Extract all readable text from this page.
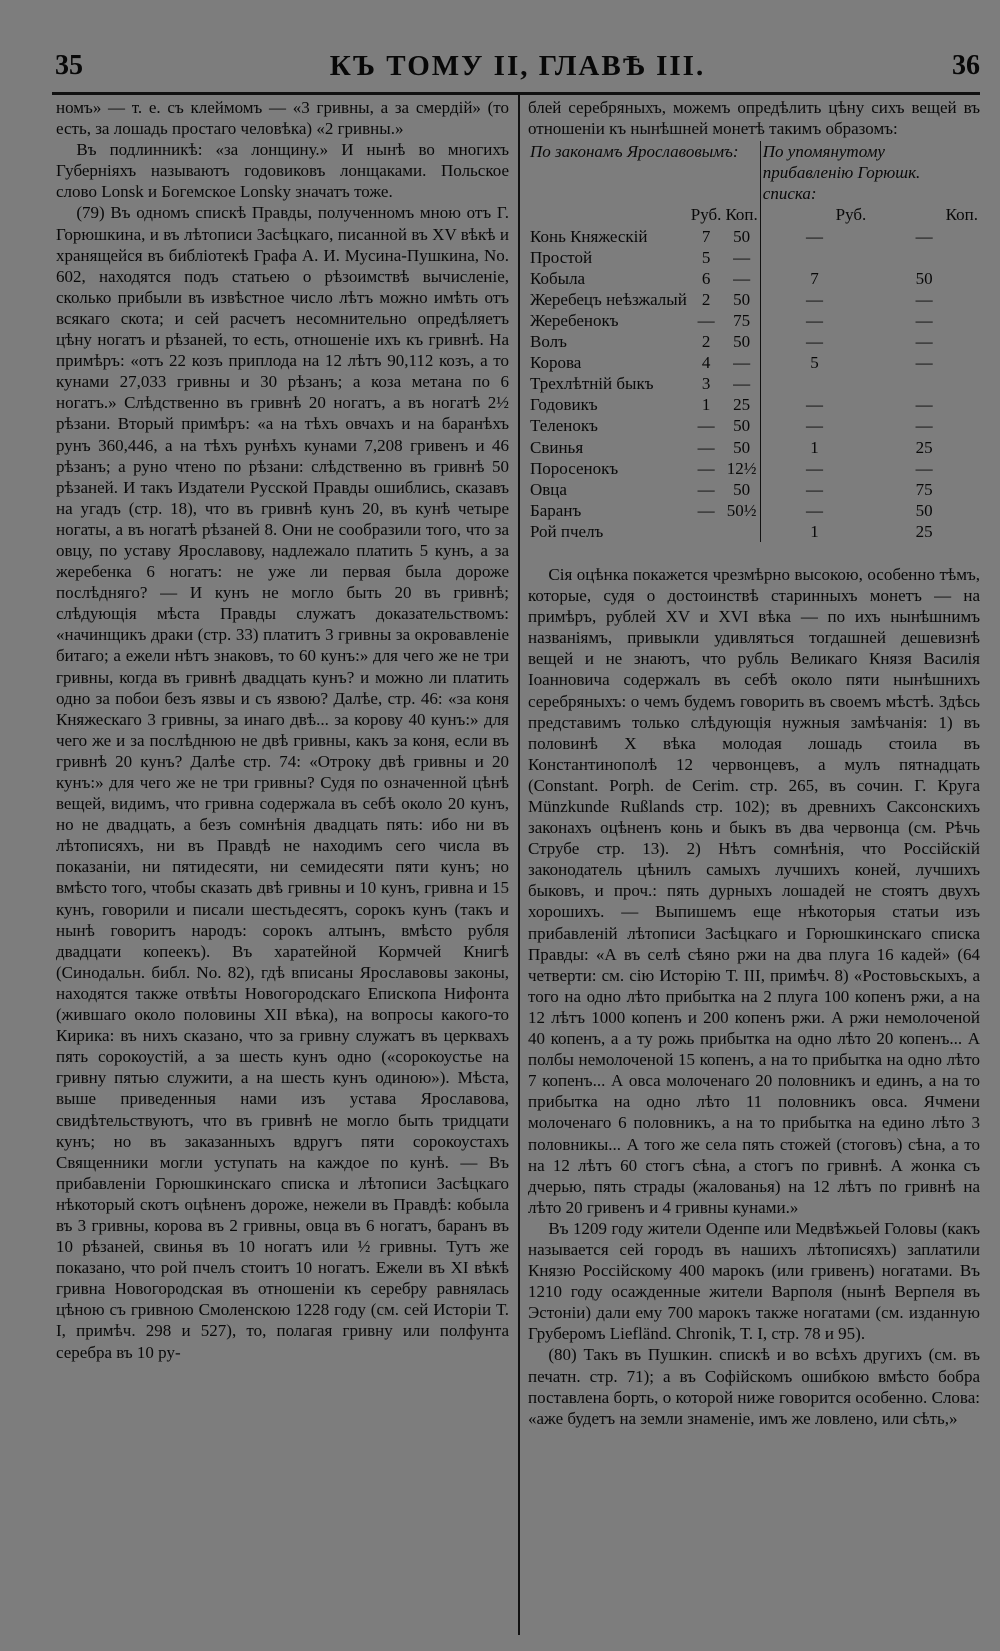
35	КЪ ТОМУ II, ГЛАВѢ III.	36

номъ» — т. е. съ клеймомъ — «3 гривны, а за смердій» (то есть, за лошадь простаго человѣка) «2 гривны.»

Въ подлинникѣ: «за лонщину.» И нынѣ во многихъ Губерніяхъ называютъ годовиковъ лонщаками. Польское слово Lonsk и Богемское Lonsky значатъ тоже.

(79) Въ одномъ спискѣ Правды, полученномъ мною отъ Г. Горюшкина, и въ лѣтописи Засѣцкаго, писанной въ XV вѣкѣ и хранящейся въ библіотекѣ Графа А. И. Мусина-Пушкина, No. 602, находятся подъ статьею о рѣзоимствѣ вычисленіе, сколько прибыли въ извѣстное число лѣтъ можно имѣть отъ всякаго скота; и сей расчетъ несомнительно опредѣляетъ цѣну ногатъ и рѣзаней, то есть, отношеніе ихъ къ гривнѣ. На примѣръ: «отъ 22 козъ приплода на 12 лѣтъ 90,112 козъ, а то кунами 27,033 гривны и 30 рѣзанъ; а коза метана по 6 ногатъ.» Слѣдственно въ гривнѣ 20 ногатъ, а въ ногатѣ 2½ рѣзани. Вторый примѣръ: «а на тѣхъ овчахъ и на баранѣхъ рунъ 360,446, а на тѣхъ рунѣхъ кунами 7,208 гривенъ и 46 рѣзанъ; а руно чтено по рѣзани: слѣдственно въ гривнѣ 50 рѣзаней. И такъ Издатели Русской Правды ошиблись, сказавъ на угадъ (стр. 18), что въ гривнѣ кунъ 20, въ кунѣ четыре ногаты, а въ ногатѣ рѣзаней 8. Они не сообразили того, что за овцу, по уставу Ярославову, надлежало платить 5 кунъ, а за жеребенка 6 ногатъ: не уже ли первая была дороже послѣдняго? — И кунъ не могло быть 20 въ гривнѣ; слѣдующія мѣста Правды служатъ доказательствомъ: «начинщикъ драки (стр. 33) платитъ 3 гривны за окровавленіе битаго; а ежели нѣтъ знаковъ, то 60 кунъ:» для чего же не три гривны, когда въ гривнѣ двадцать кунъ? и можно ли платить одно за побои безъ язвы и съ язвою? Далѣе, стр. 46: «за коня Княжескаго 3 гривны, за инаго двѣ... за корову 40 кунъ:» для чего же и за послѣднюю не двѣ гривны, какъ за коня, если въ гривнѣ 20 кунъ? Далѣе стр. 74: «Отроку двѣ гривны и 20 кунъ:» для чего же не три гривны? Судя по означенной цѣнѣ вещей, видимъ, что гривна содержала въ себѣ около 20 кунъ, но не двадцать, а безъ сомнѣнія двадцать пять: ибо ни въ лѣтописяхъ, ни въ Правдѣ не находимъ сего числа въ показаніи, ни пятидесяти, ни семидесяти пяти кунъ; но вмѣсто того, чтобы сказать двѣ гривны и 10 кунъ, гривна и 15 кунъ, говорили и писали шестьдесятъ, сорокъ кунъ (такъ и нынѣ говоритъ народъ: сорокъ алтынъ, вмѣсто рубля двадцати копеекъ). Въ харатейной Кормчей Книгѣ (Синодальн. библ. No. 82), гдѣ вписаны Ярославовы законы, находятся также отвѣты Новогородскаго Епископа Нифонта (жившаго около половины XII вѣка), на вопросы какого-то Кирика: въ нихъ сказано, что за гривну служатъ въ церквахъ пять сорокоустій, а за шесть кунъ одно («сорокоустье на гривну пятью служити, а на шесть кунъ одиною»). Мѣста, выше приведенныя нами изъ устава Ярославова, свидѣтельствуютъ, что въ гривнѣ не могло быть тридцати кунъ; но въ заказанныхъ вдругъ пяти сорокоустахъ Священники могли уступать на каждое по кунѣ. — Въ прибавленіи Горюшкинскаго списка и лѣтописи Засѣцкаго нѣкоторый скотъ оцѣненъ дороже, нежели въ Правдѣ: кобыла въ 3 гривны, корова въ 2 гривны, овца въ 6 ногатъ, баранъ въ 10 рѣзаней, свинья въ 10 ногатъ или ½ гривны. Тутъ же показано, что рой пчелъ стоитъ 10 ногатъ. Ежели въ XI вѣкѣ гривна Новогородская въ отношеніи къ серебру равнялась цѣною съ гривною Смоленскою 1228 году (см. сей Исторіи Т. I, примѣч. 298 и 527), то, полагая гривну или полфунта серебра въ 10 ру-

блей серебряныхъ, можемъ опредѣлить цѣну сихъ вещей въ отношеніи къ нынѣшней монетѣ такимъ образомъ:

По законамъ Ярославовымъ:			По упомянутому прибавленію Горюшк. списка:	
	Руб.	Коп.	Руб.	Коп.
Конь Княжескій	7	50	—	—
Простой	5	—		
Кобыла	6	—	7	50
Жеребецъ неѣзжалый	2	50	—	—
Жеребенокъ	—	75	—	—
Волъ	2	50	—	—
Корова	4	—	5	—
Трехлѣтній быкъ	3	—		
Годовикъ	1	25	—	—
Теленокъ	—	50	—	—
Свинья	—	50	1	25
Поросенокъ	—	12½	—	—
Овца	—	50	—	75
Баранъ	—	50½	—	50
Рой пчелъ			1	25

Сія оцѣнка покажется чрезмѣрно высокою, особенно тѣмъ, которые, судя о достоинствѣ старинныхъ монетъ — на примѣръ, рублей XV и XVI вѣка — по ихъ нынѣшнимъ названіямъ, привыкли удивляться тогдашней дешевизнѣ вещей и не знаютъ, что рубль Великаго Князя Василія Іоанновича содержалъ въ себѣ около пяти нынѣшнихъ серебряныхъ: о чемъ будемъ говорить въ своемъ мѣстѣ. Здѣсь представимъ только слѣдующія нужныя замѣчанія: 1) въ половинѣ X вѣка молодая лошадь стоила въ Константинополѣ 12 червонцевъ, а мулъ пятнадцать (Constant. Porph. de Cerim. стр. 265, въ сочин. Г. Круга Münzkunde Rußlands стр. 102); въ древнихъ Саксонскихъ законахъ оцѣненъ конь и быкъ въ два червонца (см. Рѣчь Струбе стр. 13). 2) Нѣтъ сомнѣнія, что Россійскій законодатель цѣнилъ самыхъ лучшихъ коней, лучшихъ быковъ, и проч.: пять дурныхъ лошадей не стоятъ двухъ хорошихъ. — Выпишемъ еще нѣкоторыя статьи изъ прибавленій лѣтописи Засѣцкаго и Горюшкинскаго списка Правды: «А въ селѣ сѣяно ржи на два плуга 16 кадей» (64 четверти: см. сію Исторію Т. III, примѣч. 8) «Ростовьскыхъ, а того на одно лѣто прибытка на 2 плуга 100 копенъ ржи, а на 12 лѣтъ 1000 копенъ и 200 копенъ ржи. А ржи немолоченой 40 копенъ, а а ту рожь прибытка на одно лѣто 20 копенъ... А полбы немолоченой 15 копенъ, а на то прибытка на одно лѣто 7 копенъ... А овса молоченаго 20 половникъ и единъ, а на то прибытка на одно лѣто 11 половникъ овса. Ячмени молоченаго 6 половникъ, а на то прибытка на едино лѣто 3 половникы... А того же села пять стожей (стоговъ) сѣна, а то на 12 лѣтъ 60 стогъ сѣна, а стогъ по гривнѣ. А жонка съ дчерью, пять страды (жалованья) на 12 лѣтъ по гривнѣ на лѣто 20 гривенъ и 4 гривны кунами.»

Въ 1209 году жители Оденпе или Медвѣжьей Головы (какъ называется сей городъ въ нашихъ лѣтописяхъ) заплатили Князю Россійскому 400 марокъ (или гривенъ) ногатами. Въ 1210 году осажденные жители Варполя (нынѣ Верпеля въ Эстоніи) дали ему 700 марокъ также ногатами (см. изданную Груберомъ Liefländ. Chronik, Т. I, стр. 78 и 95).

(80) Такъ въ Пушкин. спискѣ и во всѣхъ другихъ (см. въ печатн. стр. 71); а въ Софійскомъ ошибкою вмѣсто бобра поставлена борть, о которой ниже говорится особенно. Слова: «аже будетъ на земли знаменіе, имъ же ловлено, или сѣть,»
